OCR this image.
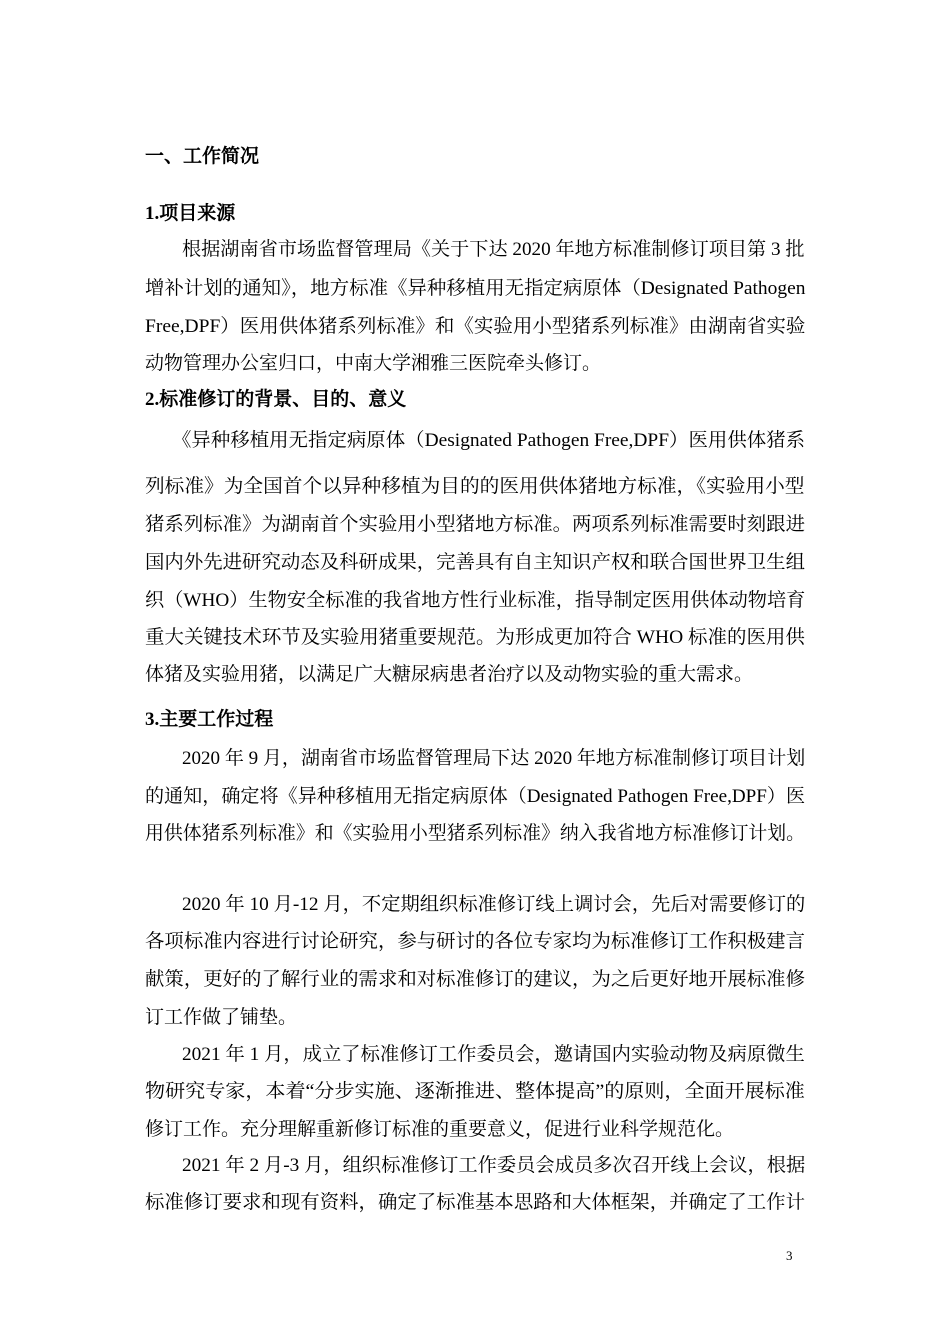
一、工作简况
1.项目来源
根据湖南省市场监督管理局《关于下达 2020 年地方标准制修订项目第 3 批
增补计划的通知》，地方标准《异种移植用无指定病原体（Designated Pathogen
Free,DPF）医用供体猪系列标准》和《实验用小型猪系列标准》由湖南省实验
动物管理办公室归口，中南大学湘雅三医院牵头修订。
2.标准修订的背景、目的、意义
《异种移植用无指定病原体（Designated Pathogen Free,DPF）医用供体猪系
列标准》为全国首个以异种移植为目的的医用供体猪地方标准，《实验用小型
猪系列标准》为湖南首个实验用小型猪地方标准。两项系列标准需要时刻跟进
国内外先进研究动态及科研成果，完善具有自主知识产权和联合国世界卫生组
织（WHO）生物安全标准的我省地方性行业标准，指导制定医用供体动物培育
重大关键技术环节及实验用猪重要规范。为形成更加符合 WHO 标准的医用供
体猪及实验用猪，以满足广大糖尿病患者治疗以及动物实验的重大需求。
3.主要工作过程
2020 年 9 月，湖南省市场监督管理局下达 2020 年地方标准制修订项目计划
的通知，确定将《异种移植用无指定病原体（Designated Pathogen Free,DPF）医
用供体猪系列标准》和《实验用小型猪系列标准》纳入我省地方标准修订计划。
2020 年 10 月-12 月，不定期组织标准修订线上调讨会，先后对需要修订的
各项标准内容进行讨论研究，参与研讨的各位专家均为标准修订工作积极建言
献策，更好的了解行业的需求和对标准修订的建议，为之后更好地开展标准修
订工作做了铺垫。
2021 年 1 月，成立了标准修订工作委员会，邀请国内实验动物及病原微生
物研究专家，本着“分步实施、逐渐推进、整体提高”的原则，全面开展标准
修订工作。充分理解重新修订标准的重要意义，促进行业科学规范化。
2021 年 2 月-3 月，组织标准修订工作委员会成员多次召开线上会议，根据
标准修订要求和现有资料，确定了标准基本思路和大体框架，并确定了工作计
3
